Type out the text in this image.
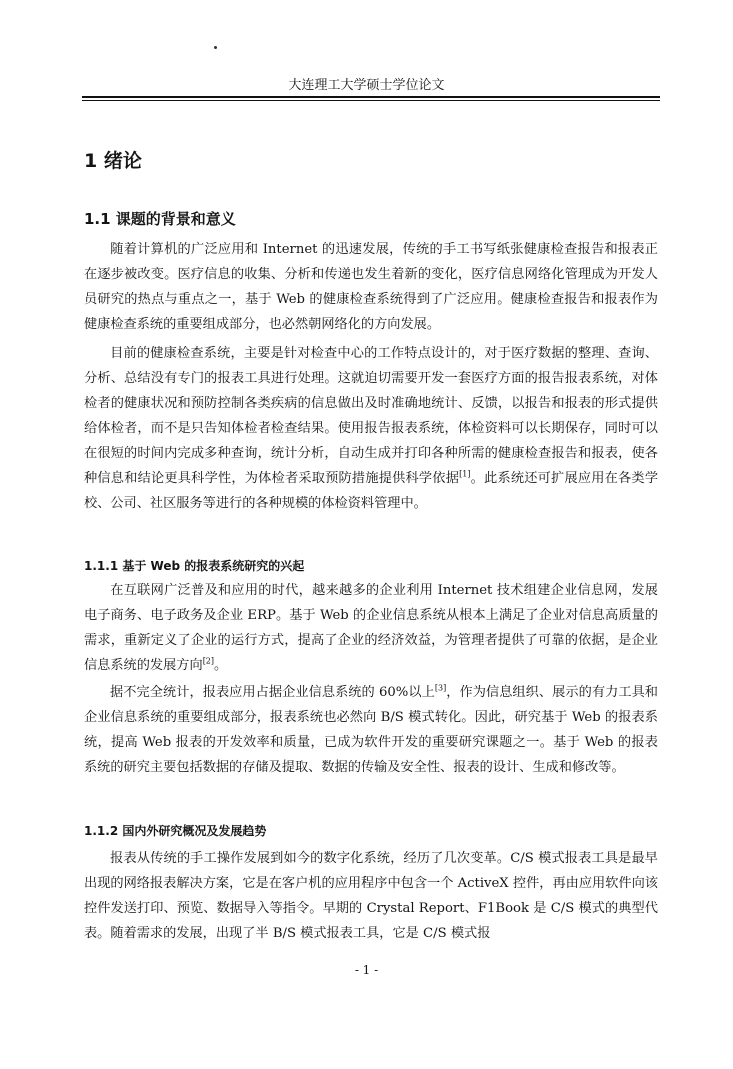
大连理工大学硕士学位论文
1 绪论
1.1 课题的背景和意义

随着计算机的广泛应用和 Internet 的迅速发展，传统的手工书写纸张健康检查报告和报表正在逐步被改变。医疗信息的收集、分析和传递也发生着新的变化，医疗信息网络化管理成为开发人员研究的热点与重点之一，基于 Web 的健康检查系统得到了广泛应用。健康检查报告和报表作为健康检查系统的重要组成部分，也必然朝网络化的方向发展。

目前的健康检查系统，主要是针对检查中心的工作特点设计的，对于医疗数据的整理、查询、分析、总结没有专门的报表工具进行处理。这就迫切需要开发一套医疗方面的报告报表系统，对体检者的健康状况和预防控制各类疾病的信息做出及时准确地统计、反馈，以报告和报表的形式提供给体检者，而不是只告知体检者检查结果。使用报告报表系统，体检资料可以长期保存，同时可以在很短的时间内完成多种查询，统计分析，自动生成并打印各种所需的健康检查报告和报表，使各种信息和结论更具科学性，为体检者采取预防措施提供科学依据[1]。此系统还可扩展应用在各类学校、公司、社区服务等进行的各种规模的体检资料管理中。

1.1.1 基于 Web 的报表系统研究的兴起

在互联网广泛普及和应用的时代，越来越多的企业利用 Internet 技术组建企业信息网，发展电子商务、电子政务及企业 ERP。基于 Web 的企业信息系统从根本上满足了企业对信息高质量的需求，重新定义了企业的运行方式，提高了企业的经济效益，为管理者提供了可靠的依据，是企业信息系统的发展方向[2]。

据不完全统计，报表应用占据企业信息系统的 60%以上[3]，作为信息组织、展示的有力工具和企业信息系统的重要组成部分，报表系统也必然向 B/S 模式转化。因此，研究基于 Web 的报表系统，提高 Web 报表的开发效率和质量，已成为软件开发的重要研究课题之一。基于 Web 的报表系统的研究主要包括数据的存储及提取、数据的传输及安全性、报表的设计、生成和修改等。

1.1.2 国内外研究概况及发展趋势

报表从传统的手工操作发展到如今的数字化系统，经历了几次变革。C/S 模式报表工具是最早出现的网络报表解决方案，它是在客户机的应用程序中包含一个 ActiveX 控件，再由应用软件向该控件发送打印、预览、数据导入等指令。早期的 Crystal Report、F1Book 是 C/S 模式的典型代表。随着需求的发展，出现了半 B/S 模式报表工具，它是 C/S 模式报

- 1 -
